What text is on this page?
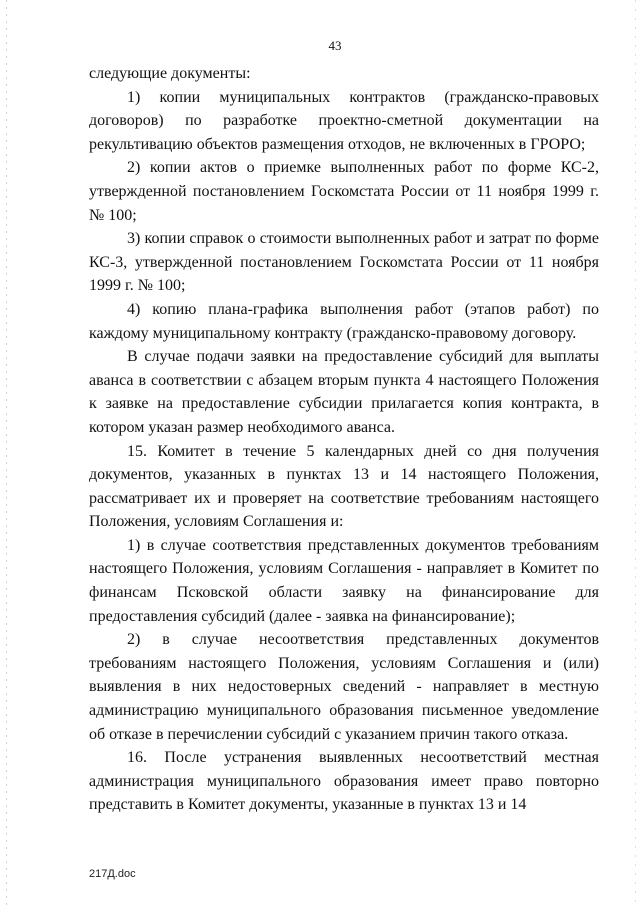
43

следующие документы:

1) копии муниципальных контрактов (гражданско-правовых договоров) по разработке проектно-сметной документации на рекультивацию объектов размещения отходов, не включенных в ГРОРО;

2) копии актов о приемке выполненных работ по форме КС-2, утвержденной постановлением Госкомстата России от 11 ноября 1999 г. № 100;

3) копии справок о стоимости выполненных работ и затрат по форме КС-3, утвержденной постановлением Госкомстата России от 11 ноября 1999 г. № 100;

4) копию плана-графика выполнения работ (этапов работ) по каждому муниципальному контракту (гражданско-правовому договору.

В случае подачи заявки на предоставление субсидий для выплаты аванса в соответствии с абзацем вторым пункта 4 настоящего Положения к заявке на предоставление субсидии прилагается копия контракта, в котором указан размер необходимого аванса.

15. Комитет в течение 5 календарных дней со дня получения документов, указанных в пунктах 13 и 14 настоящего Положения, рассматривает их и проверяет на соответствие требованиям настоящего Положения, условиям Соглашения и:

1) в случае соответствия представленных документов требованиям настоящего Положения, условиям Соглашения - направляет в Комитет по финансам Псковской области заявку на финансирование для предоставления субсидий (далее - заявка на финансирование);

2) в случае несоответствия представленных документов требованиям настоящего Положения, условиям Соглашения и (или) выявления в них недостоверных сведений - направляет в местную администрацию муниципального образования письменное уведомление об отказе в перечислении субсидий с указанием причин такого отказа.

16. После устранения выявленных несоответствий местная администрация муниципального образования имеет право повторно представить в Комитет документы, указанные в пунктах 13 и 14

217Д.doc
